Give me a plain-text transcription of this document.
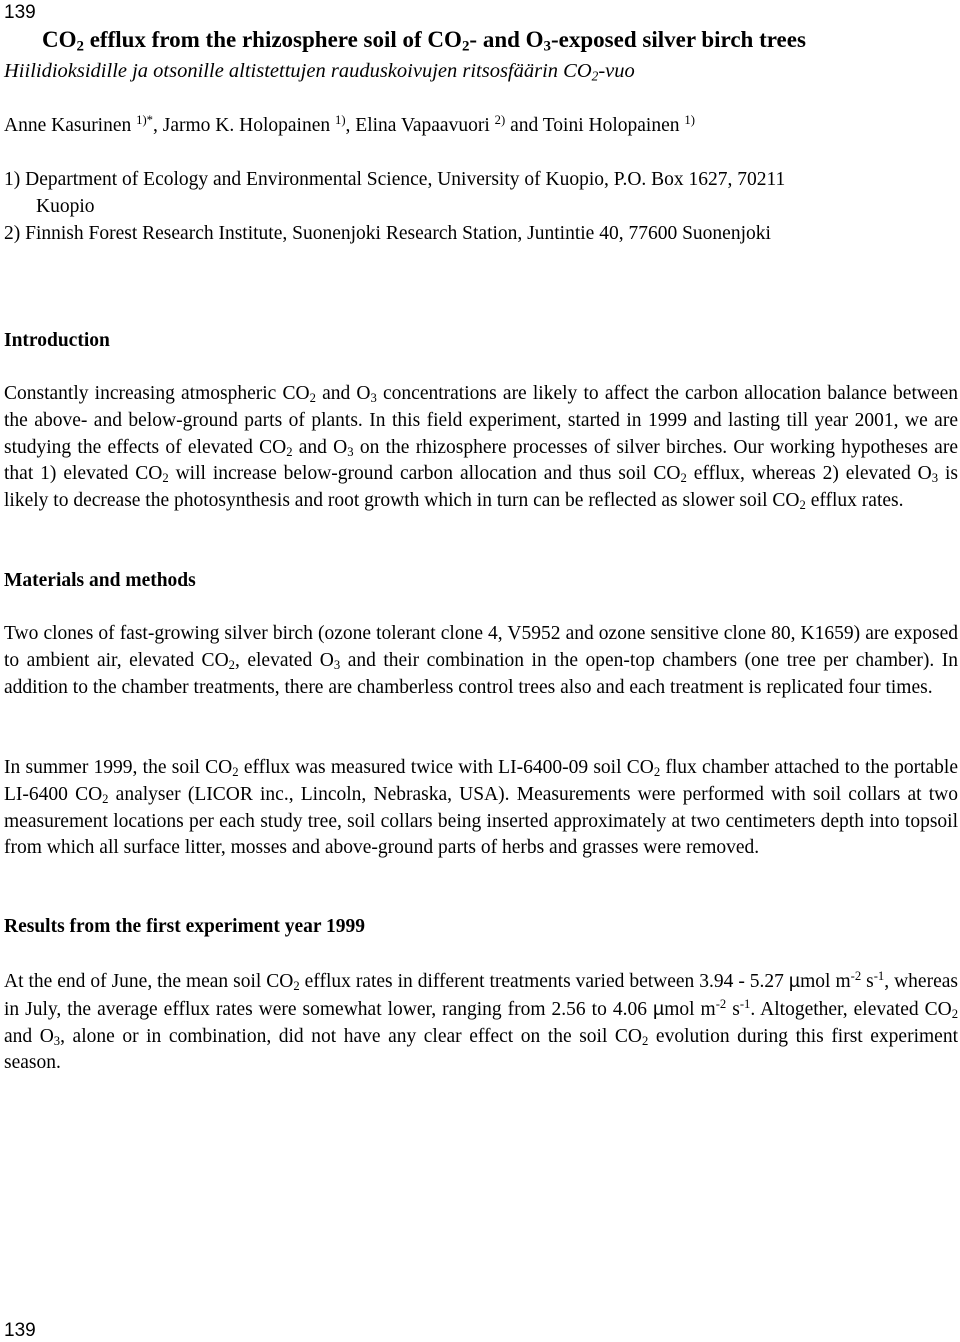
139
$CO_2$ efflux from the rhizosphere soil of $CO_2-$ and $O_3$-exposed silver birch trees
Hiilidioksidille ja otsonille altistettujen rauduskoivujen ritsosfäärin $CO_2$-vuo
Anne Kasurinen $^{1)*}$, Jarmo K. Holopainen $^{1)}$, Elina Vapaavuori $^{2)}$ and Toini Holopainen $^{1)}$
1) Department of Ecology and Environmental Science, University of Kuopio, P.O. Box 1627, 70211
Kuopio
2) Finnish Forest Research Institute, Suonenjoki Research Station, Juntintie 40, 77600 Suonenjoki
Introduction
Constantly increasing atmospheric $CO_2$ and $O_3$ concentrations are likely to affect the carbon allocation balance between the above- and below-ground parts of plants. In this field experiment, started in 1999 and lasting till year 2001, we are studying the effects of elevated $CO_2$ and $O_3$ on the rhizosphere processes of silver birches. Our working hypotheses are that 1) elevated $CO_2$ will increase below-ground carbon allocation and thus soil $CO_2$ efflux, whereas 2) elevated $O_3$ is likely to decrease the photosynthesis and root growth which in turn can be reflected as slower soil $CO_2$ efflux rates.
Materials and methods
Two clones of fast-growing silver birch (ozone tolerant clone 4, V5952 and ozone sensitive clone 80, K1659) are exposed to ambient air, elevated $CO_2$, elevated $O_3$ and their combination in the open-top chambers (one tree per chamber). In addition to the chamber treatments, there are chamberless control trees also and each treatment is replicated four times.
In summer 1999, the soil $CO_2$ efflux was measured twice with LI-6400-09 soil $CO_2$ flux chamber attached to the portable LI-6400 $CO_2$ analyser (LICOR inc., Lincoln, Nebraska, USA). Measurements were performed with soil collars at two measurement locations per each study tree, soil collars being inserted approximately at two centimeters depth into topsoil from which all surface litter, mosses and above-ground parts of herbs and grasses were removed.
Results from the first experiment year 1999
At the end of June, the mean soil $CO_2$ efflux rates in different treatments varied between 3.94 - 5.27 µmol $m^{-2}$ $s^{-1}$, whereas in July, the average efflux rates were somewhat lower, ranging from 2.56 to 4.06 µmol $m^{-2}$ $s^{-1}$. Altogether, elevated $CO_2$ and $O_3$, alone or in combination, did not have any clear effect on the soil $CO_2$ evolution during this first experiment season.
139
